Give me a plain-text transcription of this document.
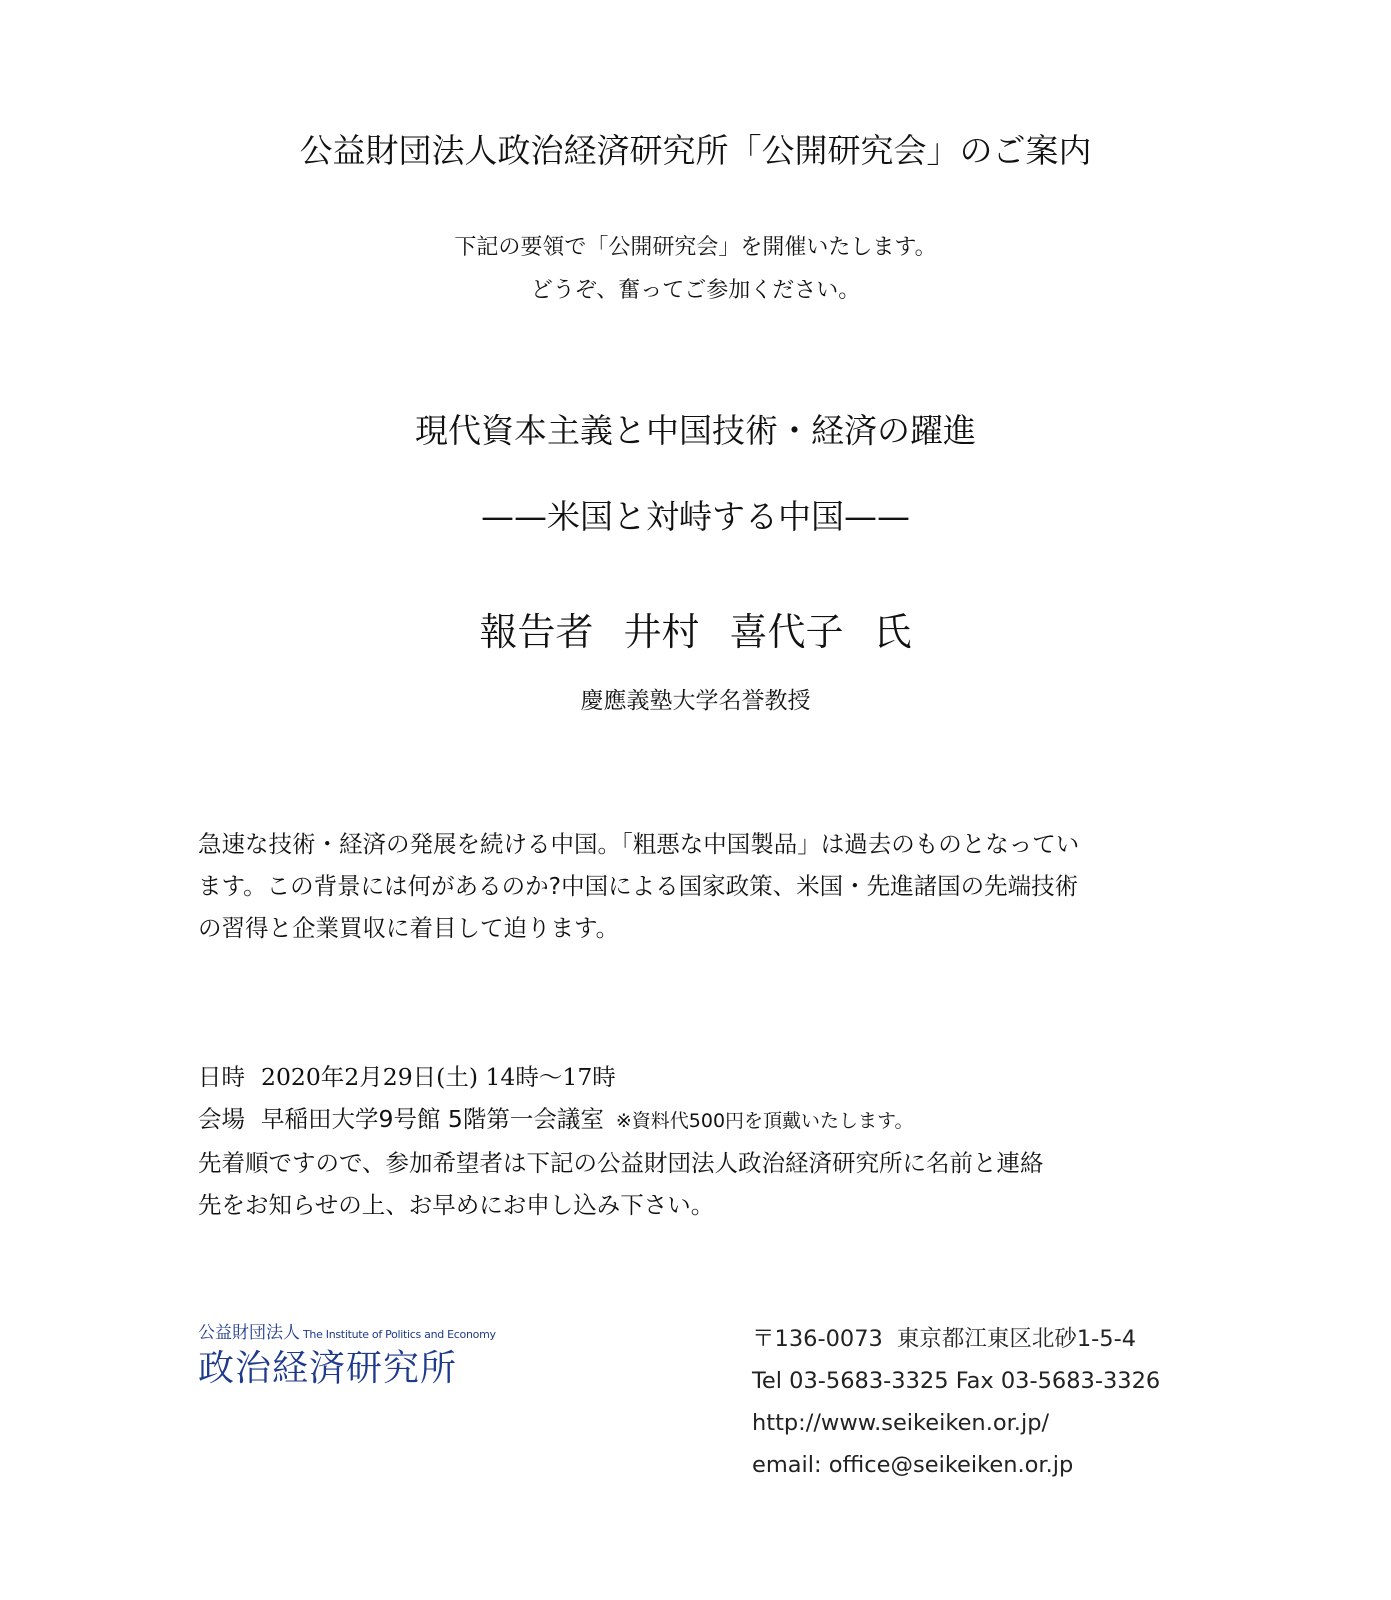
公益財団法人政治経済研究所「公開研究会」のご案内
下記の要領で「公開研究会」を開催いたします。
どうぞ、奮ってご参加ください。
現代資本主義と中国技術・経済の躍進
——米国と対峙する中国——
報告者 井村 喜代子 氏
慶應義塾大学名誉教授
急速な技術・経済の発展を続ける中国。「粗悪な中国製品」は過去のものとなってい
ます。この背景には何があるのか?中国による国家政策、米国・先進諸国の先端技術
の習得と企業買収に着目して迫ります。
日時 2020年2月29日(土) 14時～17時
会場 早稲田大学9号館 5階第一会議室 ※資料代500円を頂戴いたします。
先着順ですので、参加希望者は下記の公益財団法人政治経済研究所に名前と連絡
先をお知らせの上、お早めにお申し込み下さい。
公益財団法人 The Institute of Politics and Economy
政治経済研究所
〒136-0073 東京都江東区北砂1-5-4
Tel 03-5683-3325 Fax 03-5683-3326
http://www.seikeiken.or.jp/
email: office@seikeiken.or.jp
